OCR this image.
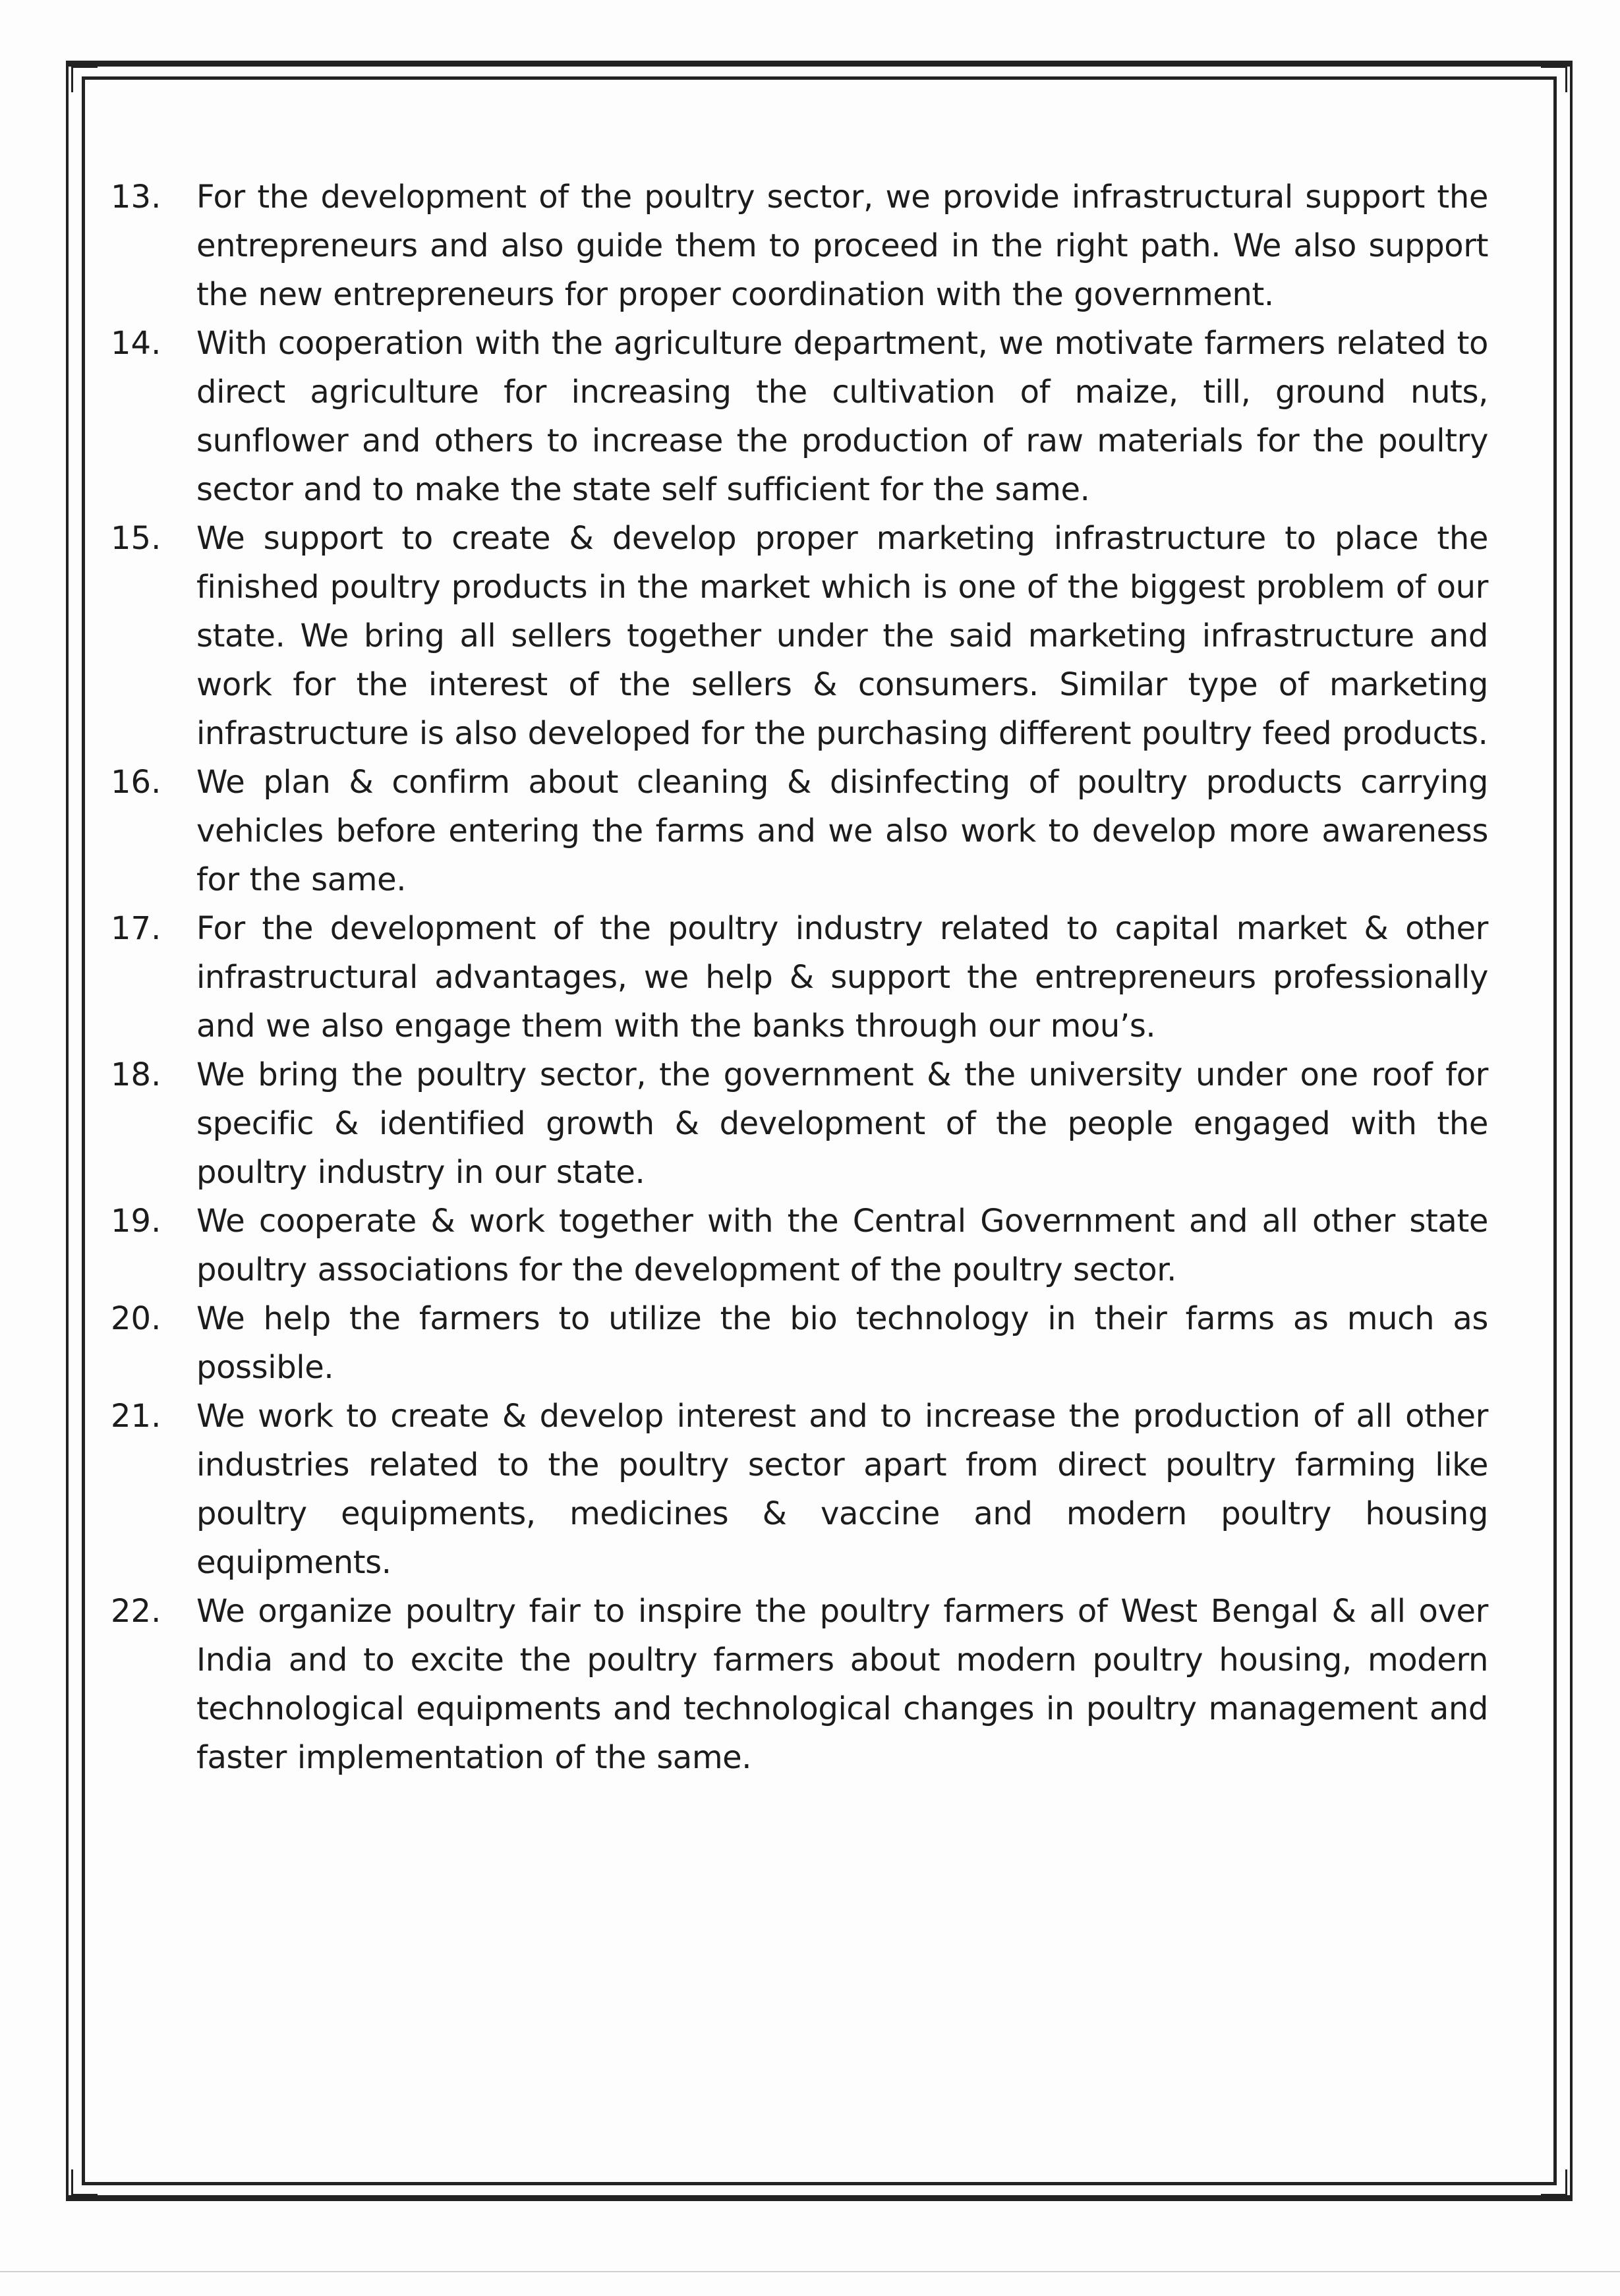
13.	For the development of the poultry sector, we provide infrastructural support the entrepreneurs and also guide them to proceed in the right path. We also support the new entrepreneurs for proper coordination with the government.
14.	With cooperation with the agriculture department, we motivate farmers related to direct agriculture for increasing the cultivation of maize, till, ground nuts, sunflower and others to increase the production of raw materials for the poultry sector and to make the state self sufficient for the same.
15.	We support to create & develop proper marketing infrastructure to place the finished poultry products in the market which is one of the biggest problem of our state. We bring all sellers together under the said marketing infrastructure and work for the interest of the sellers & consumers. Similar type of marketing infrastructure is also developed for the purchasing different poultry feed products.
16.	We plan & confirm about cleaning & disinfecting of poultry products carrying vehicles before entering the farms and we also work to develop more awareness for the same.
17.	For the development of the poultry industry related to capital market & other infrastructural advantages, we help & support the entrepreneurs professionally and we also engage them with the banks through our mou’s.
18.	We bring the poultry sector, the government & the university under one roof for specific & identified growth & development of the people engaged with the poultry industry in our state.
19.	We cooperate & work together with the Central Government and all other state poultry associations for the development of the poultry sector.
20.	We help the farmers to utilize the bio technology in their farms as much as possible.
21.	We work to create & develop interest and to increase the production of all other industries related to the poultry sector apart from direct poultry farming like poultry equipments, medicines & vaccine and modern poultry housing equipments.
22.	We organize poultry fair to inspire the poultry farmers of West Bengal & all over India and to excite the poultry farmers about modern poultry housing, modern technological equipments and technological changes in poultry management and faster implementation of the same.
